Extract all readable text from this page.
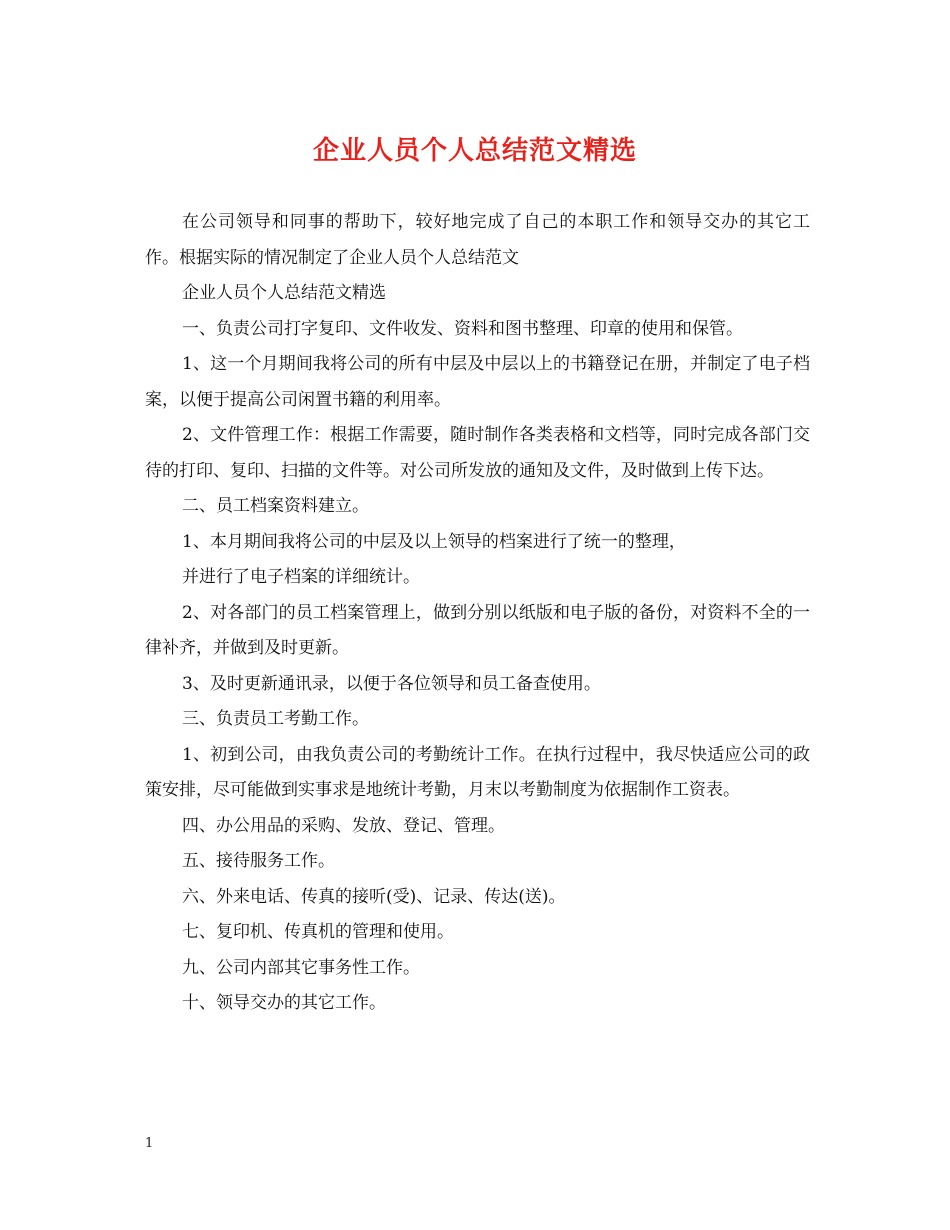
企业人员个人总结范文精选

在公司领导和同事的帮助下，较好地完成了自己的本职工作和领导交办的其它工作。根据实际的情况制定了企业人员个人总结范文

企业人员个人总结范文精选

一、负责公司打字复印、文件收发、资料和图书整理、印章的使用和保管。

1、这一个月期间我将公司的所有中层及中层以上的书籍登记在册，并制定了电子档案，以便于提高公司闲置书籍的利用率。

2、文件管理工作：根据工作需要，随时制作各类表格和文档等，同时完成各部门交待的打印、复印、扫描的文件等。对公司所发放的通知及文件，及时做到上传下达。

二、员工档案资料建立。

1、本月期间我将公司的中层及以上领导的档案进行了统一的整理，

并进行了电子档案的详细统计。

2、对各部门的员工档案管理上，做到分别以纸版和电子版的备份，对资料不全的一律补齐，并做到及时更新。

3、及时更新通讯录，以便于各位领导和员工备查使用。

三、负责员工考勤工作。

1、初到公司，由我负责公司的考勤统计工作。在执行过程中，我尽快适应公司的政策安排，尽可能做到实事求是地统计考勤，月末以考勤制度为依据制作工资表。

四、办公用品的采购、发放、登记、管理。

五、接待服务工作。

六、外来电话、传真的接听(受)、记录、传达(送)。

七、复印机、传真机的管理和使用。

九、公司内部其它事务性工作。

十、领导交办的其它工作。

1
